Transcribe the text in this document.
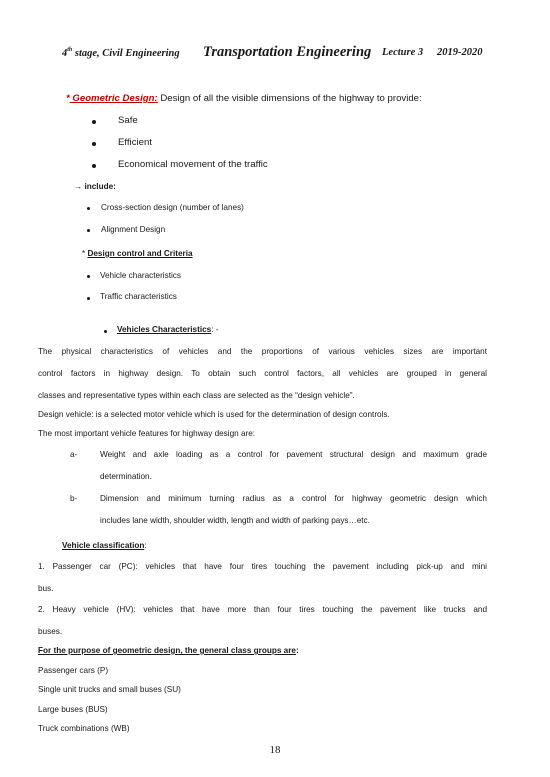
4th stage, Civil Engineering Transportation Engineering Lecture 3 2019-2020
* Geometric Design: Design of all the visible dimensions of the highway to provide:
Safe
Efficient
Economical movement of the traffic
→ include:
Cross-section design (number of lanes)
Alignment Design
* Design control and Criteria
Vehicle characteristics
Traffic characteristics
Vehicles Characteristics: -
The physical characteristics of vehicles and the proportions of various vehicles sizes are important
control factors in highway design. To obtain such control factors, all vehicles are grouped in general
classes and representative types within each class are selected as the “design vehicle”.
Design vehicle: is a selected motor vehicle which is used for the determination of design controls.
The most important vehicle features for highway design are:
a-	Weight and axle loading as a control for pavement structural design and maximum grade
determination.
b-	Dimension and minimum turning radius as a control for highway geometric design which
includes lane width, shoulder width, length and width of parking pays…etc.
Vehicle classification:
1. Passenger car (PC): vehicles that have four tires touching the pavement including pick-up and mini
bus.
2. Heavy vehicle (HV): vehicles that have more than four tires touching the pavement like trucks and
buses.
For the purpose of geometric design, the general class groups are:
Passenger cars (P)
Single unit trucks and small buses (SU)
Large buses (BUS)
Truck combinations (WB)
18
